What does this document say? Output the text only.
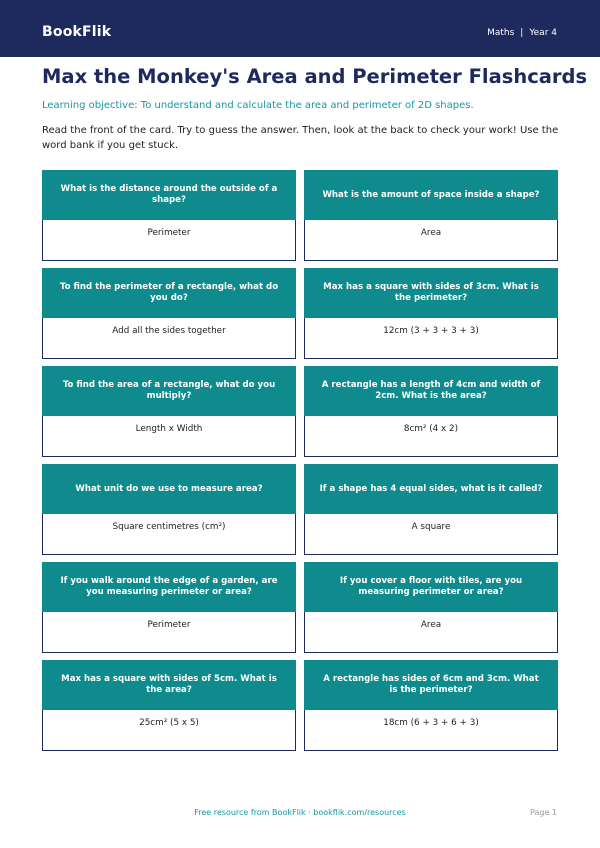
BookFlik	Maths | Year 4
Max the Monkey's Area and Perimeter Flashcards
Learning objective: To understand and calculate the area and perimeter of 2D shapes.
Read the front of the card. Try to guess the answer. Then, look at the back to check your work! Use the word bank if you get stuck.
What is the distance around the outside of a shape?
Perimeter
What is the amount of space inside a shape?
Area
To find the perimeter of a rectangle, what do you do?
Add all the sides together
Max has a square with sides of 3cm. What is the perimeter?
12cm (3 + 3 + 3 + 3)
To find the area of a rectangle, what do you multiply?
Length x Width
A rectangle has a length of 4cm and width of 2cm. What is the area?
8cm² (4 x 2)
What unit do we use to measure area?
Square centimetres (cm²)
If a shape has 4 equal sides, what is it called?
A square
If you walk around the edge of a garden, are you measuring perimeter or area?
Perimeter
If you cover a floor with tiles, are you measuring perimeter or area?
Area
Max has a square with sides of 5cm. What is the area?
25cm² (5 x 5)
A rectangle has sides of 6cm and 3cm. What is the perimeter?
18cm (6 + 3 + 6 + 3)
Free resource from BookFlik · bookflik.com/resources	Page 1
